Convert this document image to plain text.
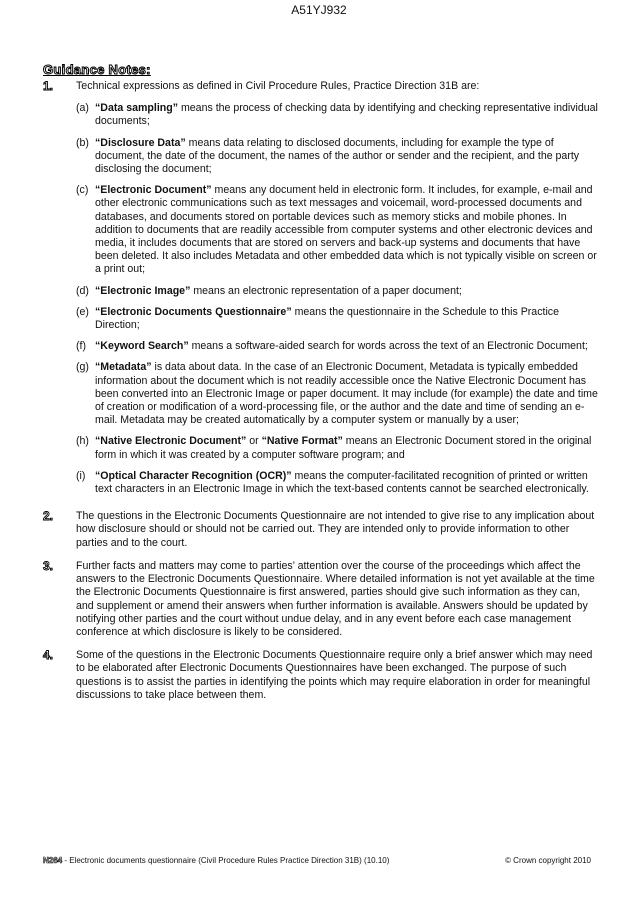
A51YJ932
Guidance Notes:
1. Technical expressions as defined in Civil Procedure Rules, Practice Direction 31B are:
(a) “Data sampling” means the process of checking data by identifying and checking representative individual documents;
(b) “Disclosure Data” means data relating to disclosed documents, including for example the type of document, the date of the document, the names of the author or sender and the recipient, and the party disclosing the document;
(c) “Electronic Document” means any document held in electronic form. It includes, for example, e-mail and other electronic communications such as text messages and voicemail, word-processed documents and databases, and documents stored on portable devices such as memory sticks and mobile phones. In addition to documents that are readily accessible from computer systems and other electronic devices and media, it includes documents that are stored on servers and back-up systems and documents that have been deleted. It also includes Metadata and other embedded data which is not typically visible on screen or a print out;
(d) “Electronic Image” means an electronic representation of a paper document;
(e) “Electronic Documents Questionnaire” means the questionnaire in the Schedule to this Practice Direction;
(f) “Keyword Search” means a software-aided search for words across the text of an Electronic Document;
(g) “Metadata” is data about data. In the case of an Electronic Document, Metadata is typically embedded information about the document which is not readily accessible once the Native Electronic Document has been converted into an Electronic Image or paper document. It may include (for example) the date and time of creation or modification of a word-processing file, or the author and the date and time of sending an e-mail. Metadata may be created automatically by a computer system or manually by a user;
(h) “Native Electronic Document” or “Native Format” means an Electronic Document stored in the original form in which it was created by a computer software program; and
(i) “Optical Character Recognition (OCR)” means the computer-facilitated recognition of printed or written text characters in an Electronic Image in which the text-based contents cannot be searched electronically.
2. The questions in the Electronic Documents Questionnaire are not intended to give rise to any implication about how disclosure should or should not be carried out. They are intended only to provide information to other parties and to the court.
3. Further facts and matters may come to parties’ attention over the course of the proceedings which affect the answers to the Electronic Documents Questionnaire. Where detailed information is not yet available at the time the Electronic Documents Questionnaire is first answered, parties should give such information as they can, and supplement or amend their answers when further information is available. Answers should be updated by notifying other parties and the court without undue delay, and in any event before each case management conference at which disclosure is likely to be considered.
4. Some of the questions in the Electronic Documents Questionnaire require only a brief answer which may need to be elaborated after Electronic Documents Questionnaires have been exchanged. The purpose of such questions is to assist the parties in identifying the points which may require elaboration in order for meaningful discussions to take place between them.
N264 - Electronic documents questionnaire (Civil Procedure Rules Practice Direction 31B) (10.10)	© Crown copyright 2010
